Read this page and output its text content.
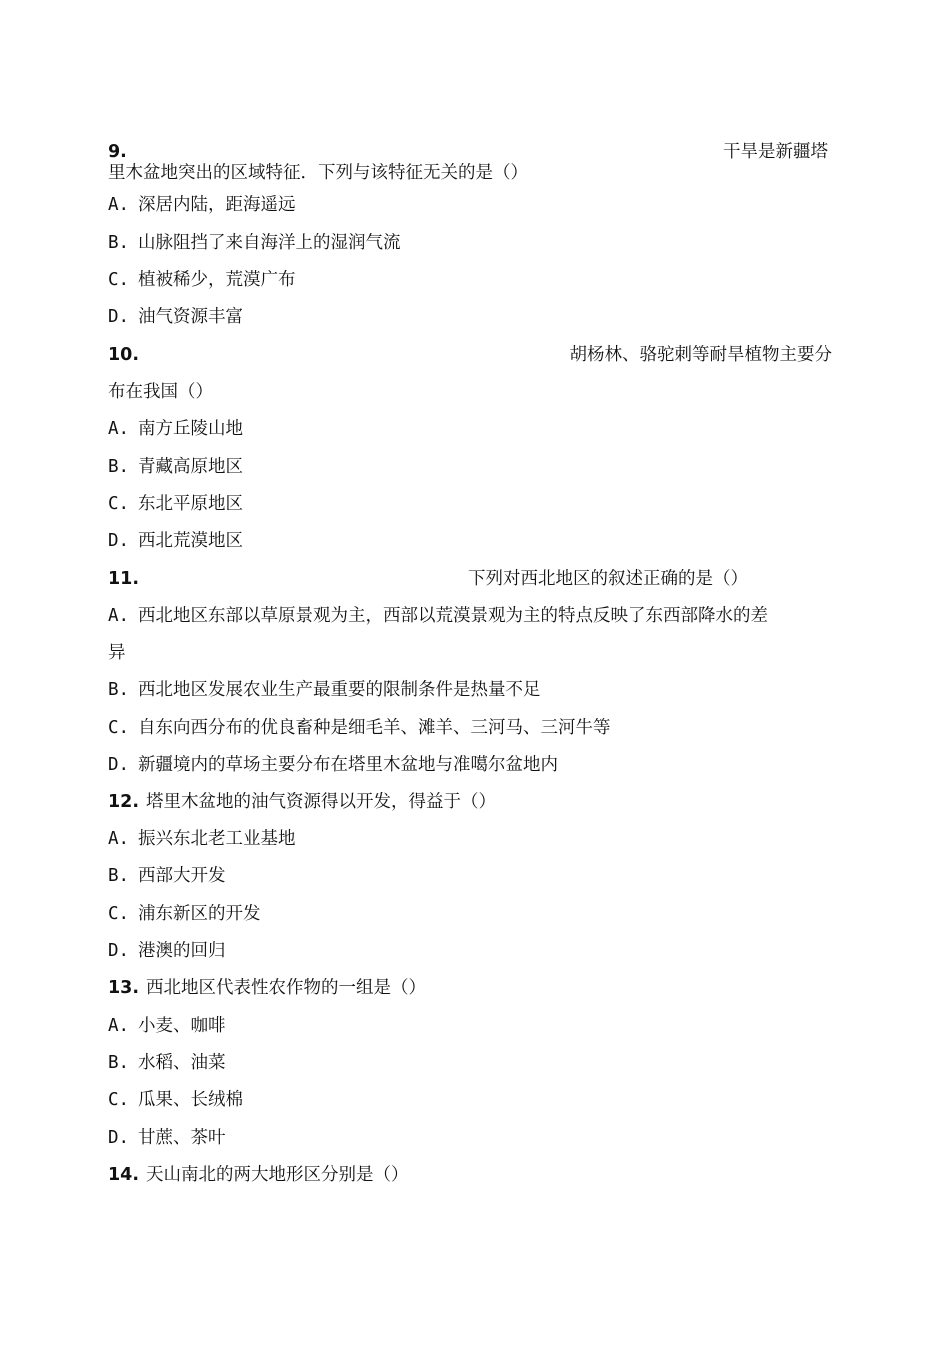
9.	干旱是新疆塔
里木盆地突出的区域特征．下列与该特征无关的是（）
A. 深居内陆，距海遥远
B. 山脉阻挡了来自海洋上的湿润气流
C. 植被稀少，荒漠广布
D. 油气资源丰富
10.	胡杨林、骆驼刺等耐旱植物主要分
布在我国（）
A. 南方丘陵山地
B. 青藏高原地区
C. 东北平原地区
D. 西北荒漠地区
11.	下列对西北地区的叙述正确的是（）
A. 西北地区东部以草原景观为主，西部以荒漠景观为主的特点反映了东西部降水的差
异
B. 西北地区发展农业生产最重要的限制条件是热量不足
C. 自东向西分布的优良畜种是细毛羊、滩羊、三河马、三河牛等
D. 新疆境内的草场主要分布在塔里木盆地与准噶尔盆地内
12. 塔里木盆地的油气资源得以开发，得益于（）
A. 振兴东北老工业基地
B. 西部大开发
C. 浦东新区的开发
D. 港澳的回归
13. 西北地区代表性农作物的一组是（）
A. 小麦、咖啡
B. 水稻、油菜
C. 瓜果、长绒棉
D. 甘蔗、茶叶
14. 天山南北的两大地形区分别是（）
